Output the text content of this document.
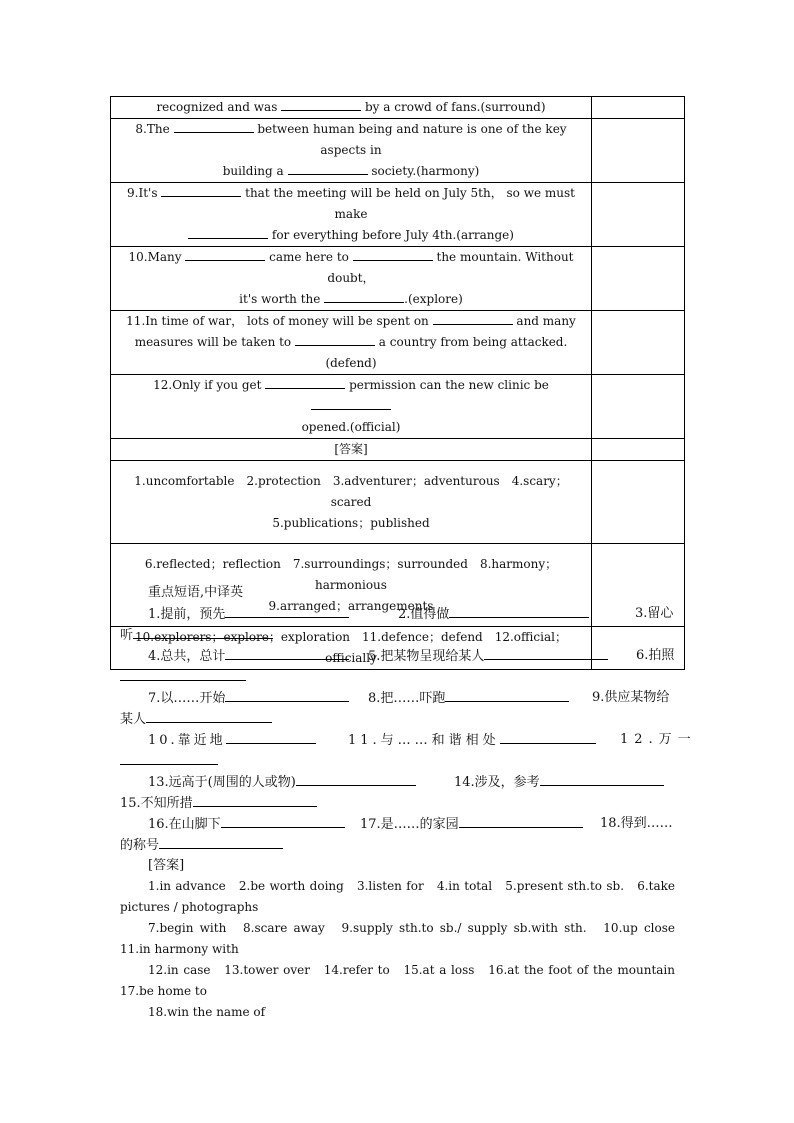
recognized and was by a crowd of fans.(surround)	
8.The between human being and nature is one of the key aspects in
building a society.(harmony)	
9.It's that the meeting will be held on July 5th， so we must make
for everything before July 4th.(arrange)	
10.Many came here to the mountain. Without doubt，
it's worth the .(explore)	
11.In time of war， lots of money will be spent on and many
measures will be taken to a country from being attacked.(defend)	
12.Only if you get permission can the new clinic be
opened.(official)	
[答案]	
1.uncomfortable　2.protection　3.adventurer；adventurous　4.scary；scared
5.publications；published	
6.reflected；reflection　7.surroundings；surrounded　8.harmony；harmonious
9.arranged；arrangements	
10.explorers；explore；exploration　11.defence；defend　12.official；officially	
重点短语,中译英
1.提前，预先	2.值得做	3.留心
听
4.总共，总计	5.把某物呈现给某人	6.拍照
7.以……开始	8.把……吓跑	9.供应某物给
某人
10.靠近地	11.与……和谐相处	12.万一
13.远高于(周围的人或物)	14.涉及，参考
15.不知所措
16.在山脚下	17.是……的家园	18.得到……
的称号
[答案]
1.in advance　2.be worth doing　3.listen for　4.in total　5.present sth.to sb.　6.take pictures / photographs
7.begin with　8.scare away　9.supply sth.to sb./ supply sb.with sth.　10.up close　11.in harmony with
12.in case　13.tower over　14.refer to　15.at a loss　16.at the foot of the mountain　17.be home to
18.win the name of
